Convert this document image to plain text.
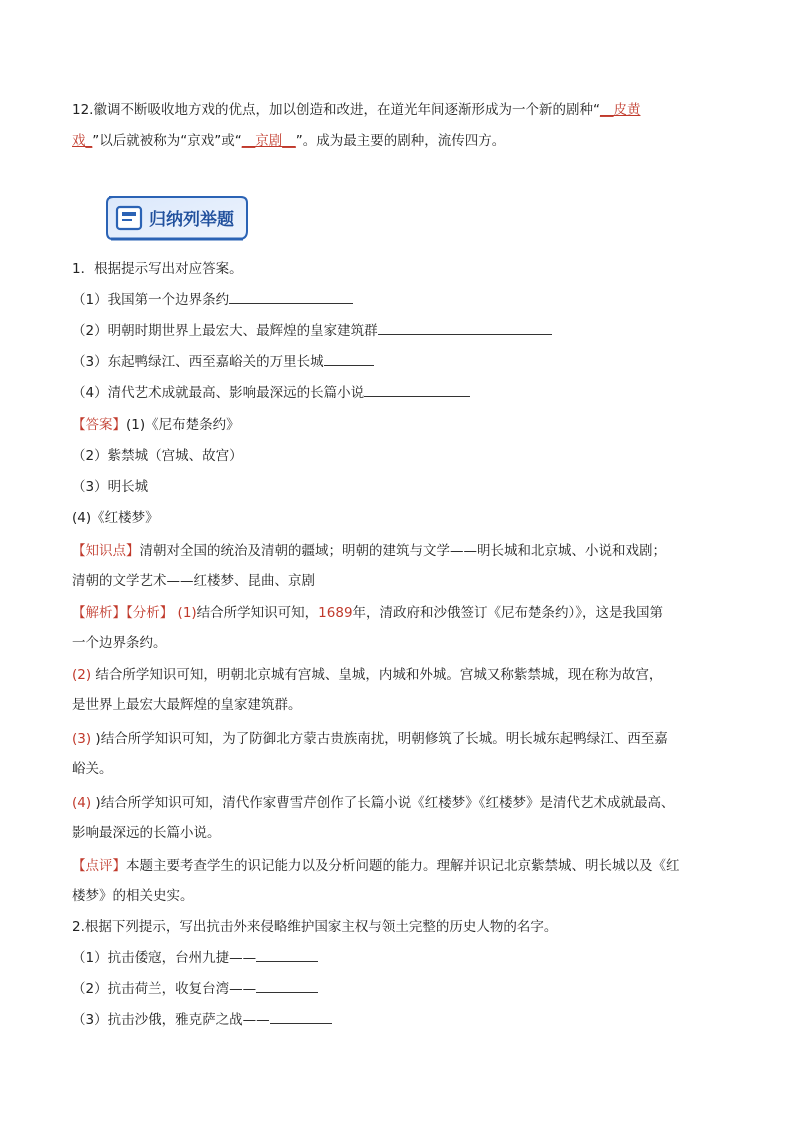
12.徽调不断吸收地方戏的优点，加以创造和改进，在道光年间逐渐形成为一个新的剧种“__皮黄
戏_”以后就被称为“京戏”或“__京剧__”。成为最主要的剧种，流传四方。
归纳列举题
1．根据提示写出对应答案。
（1）我国第一个边界条约
（2）明朝时期世界上最宏大、最辉煌的皇家建筑群
（3）东起鸭绿江、西至嘉峪关的万里长城
（4）清代艺术成就最高、影响最深远的长篇小说
【答案】(1)《尼布楚条约》
（2）紫禁城（宫城、故宫）
（3）明长城
(4)《红楼梦》
【知识点】清朝对全国的统治及清朝的疆域；明朝的建筑与文学——明长城和北京城、小说和戏剧；
清朝的文学艺术——红楼梦、昆曲、京剧
【解析】【分析】 (1)结合所学知识可知，1689年，清政府和沙俄签订《尼布楚条约）》，这是我国第
一个边界条约。
(2) 结合所学知识可知，明朝北京城有宫城、皇城，内城和外城。宫城又称紫禁城，现在称为故宫，
是世界上最宏大最辉煌的皇家建筑群。
(3) )结合所学知识可知，为了防御北方蒙古贵族南扰，明朝修筑了长城。明长城东起鸭绿江、西至嘉
峪关。
(4) )结合所学知识可知，清代作家曹雪芹创作了长篇小说《红楼梦》《红楼梦》是清代艺术成就最高、
影响最深远的长篇小说。
【点评】本题主要考查学生的识记能力以及分析问题的能力。理解并识记北京紫禁城、明长城以及《红
楼梦》的相关史实。
2.根据下列提示，写出抗击外来侵略维护国家主权与领土完整的历史人物的名字。
（1）抗击倭寇，台州九捷——
（2）抗击荷兰，收复台湾——
（3）抗击沙俄，雅克萨之战——
